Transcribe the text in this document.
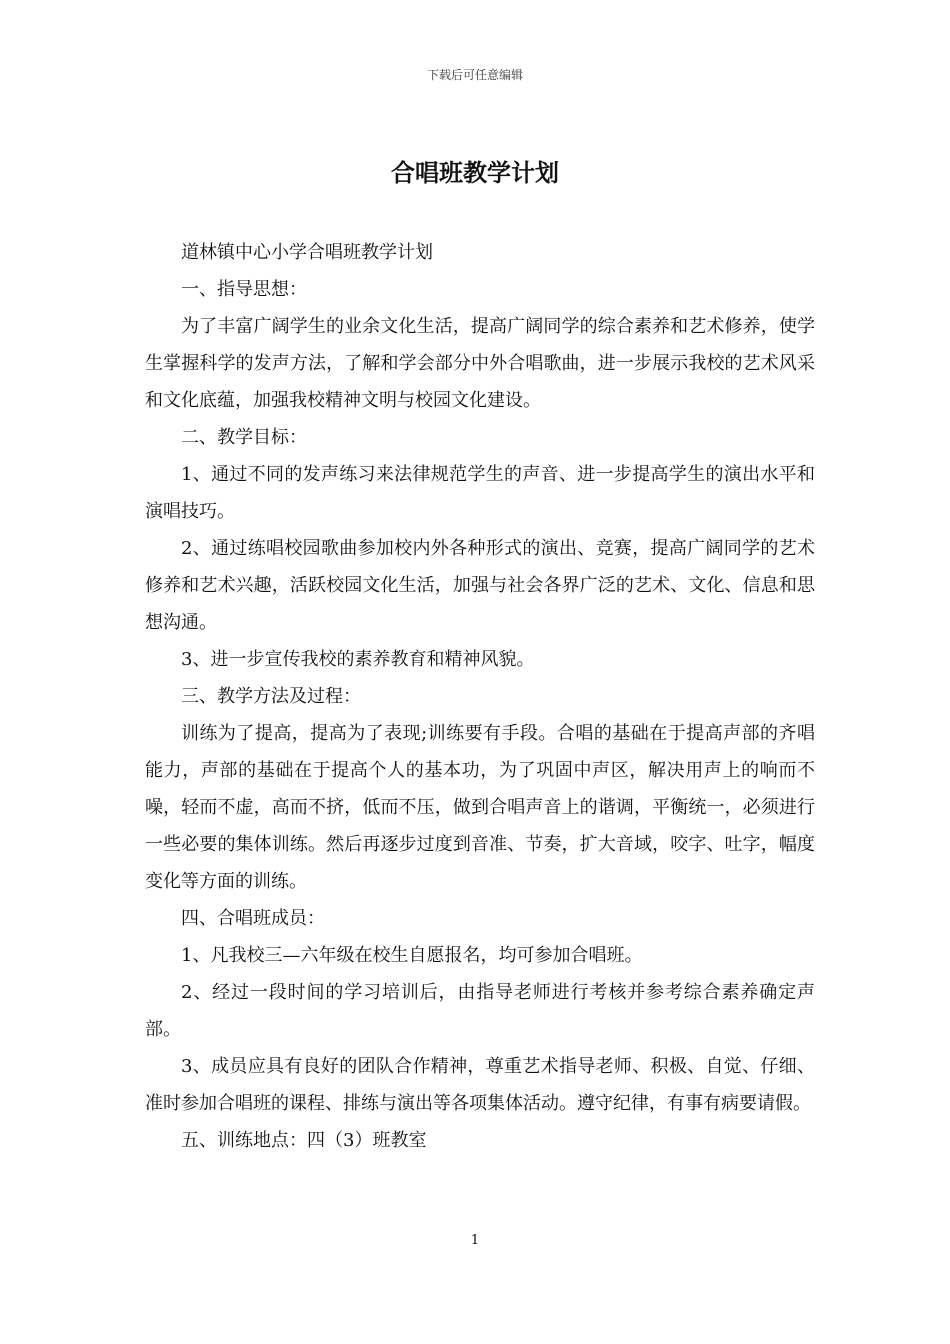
下载后可任意编辑
合唱班教学计划

道林镇中心小学合唱班教学计划

一、指导思想：

为了丰富广阔学生的业余文化生活，提高广阔同学的综合素养和艺术修养，使学生掌握科学的发声方法，了解和学会部分中外合唱歌曲，进一步展示我校的艺术风采和文化底蕴，加强我校精神文明与校园文化建设。

二、教学目标：

1、通过不同的发声练习来法律规范学生的声音、进一步提高学生的演出水平和演唱技巧。

2、通过练唱校园歌曲参加校内外各种形式的演出、竞赛，提高广阔同学的艺术修养和艺术兴趣，活跃校园文化生活，加强与社会各界广泛的艺术、文化、信息和思想沟通。

3、进一步宣传我校的素养教育和精神风貌。

三、教学方法及过程：

训练为了提高，提高为了表现;训练要有手段。合唱的基础在于提高声部的齐唱能力，声部的基础在于提高个人的基本功，为了巩固中声区，解决用声上的响而不噪，轻而不虚，高而不挤，低而不压，做到合唱声音上的谐调，平衡统一，必须进行一些必要的集体训练。然后再逐步过度到音准、节奏，扩大音域，咬字、吐字，幅度变化等方面的训练。

四、合唱班成员：

1、凡我校三—六年级在校生自愿报名，均可参加合唱班。

2、经过一段时间的学习培训后，由指导老师进行考核并参考综合素养确定声部。

3、成员应具有良好的团队合作精神，尊重艺术指导老师、积极、自觉、仔细、准时参加合唱班的课程、排练与演出等各项集体活动。遵守纪律，有事有病要请假。

五、训练地点：四（3）班教室

1
